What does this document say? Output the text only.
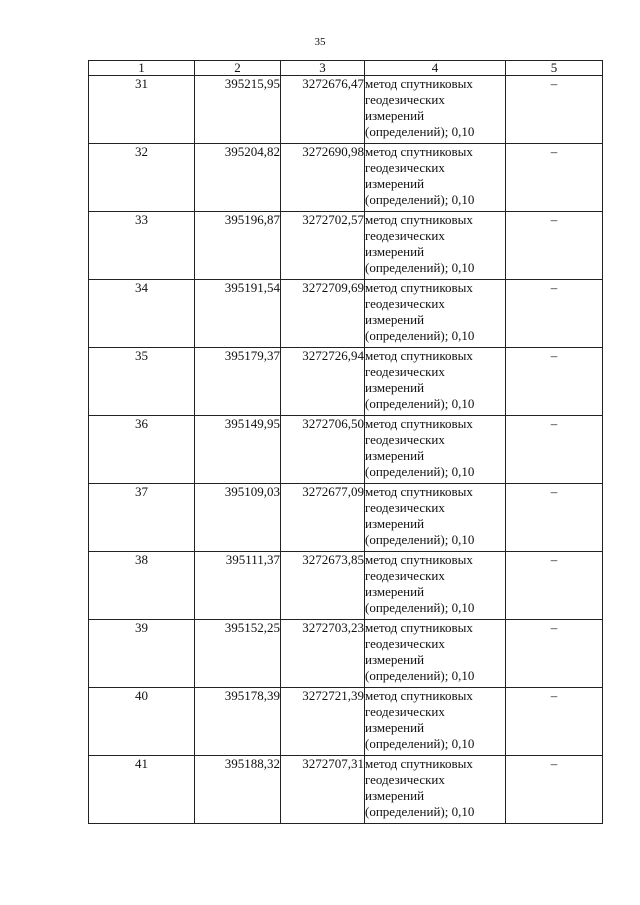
35
1	2	3	4	5
31	395215,95	3272676,47	метод спутниковых
геодезических
измерений
(определений); 0,10	–
32	395204,82	3272690,98	метод спутниковых
геодезических
измерений
(определений); 0,10	–
33	395196,87	3272702,57	метод спутниковых
геодезических
измерений
(определений); 0,10	–
34	395191,54	3272709,69	метод спутниковых
геодезических
измерений
(определений); 0,10	–
35	395179,37	3272726,94	метод спутниковых
геодезических
измерений
(определений); 0,10	–
36	395149,95	3272706,50	метод спутниковых
геодезических
измерений
(определений); 0,10	–
37	395109,03	3272677,09	метод спутниковых
геодезических
измерений
(определений); 0,10	–
38	395111,37	3272673,85	метод спутниковых
геодезических
измерений
(определений); 0,10	–
39	395152,25	3272703,23	метод спутниковых
геодезических
измерений
(определений); 0,10	–
40	395178,39	3272721,39	метод спутниковых
геодезических
измерений
(определений); 0,10	–
41	395188,32	3272707,31	метод спутниковых
геодезических
измерений
(определений); 0,10	–
